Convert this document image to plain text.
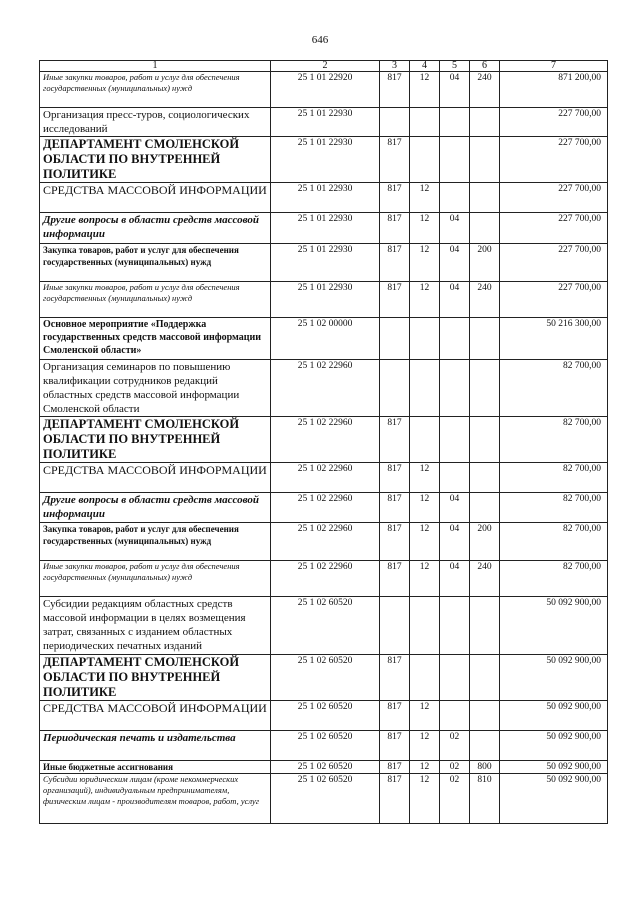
646
1	2	3	4	5	6	7
Иные закупки товаров, работ и услуг для обеспечения государственных (муниципальных) нужд	25 1 01 22920	817	12	04	240	871 200,00
Организация пресс-туров, социологических исследований	25 1 01 22930					227 700,00
ДЕПАРТАМЕНТ СМОЛЕНСКОЙ ОБЛАСТИ ПО ВНУТРЕННЕЙ ПОЛИТИКЕ	25 1 01 22930	817				227 700,00
СРЕДСТВА МАССОВОЙ ИНФОРМАЦИИ	25 1 01 22930	817	12			227 700,00
Другие вопросы в области средств массовой информации	25 1 01 22930	817	12	04		227 700,00
Закупка товаров, работ и услуг для обеспечения государственных (муниципальных) нужд	25 1 01 22930	817	12	04	200	227 700,00
Иные закупки товаров, работ и услуг для обеспечения государственных (муниципальных) нужд	25 1 01 22930	817	12	04	240	227 700,00
Основное мероприятие «Поддержка государственных средств массовой информации Смоленской области»	25 1 02 00000					50 216 300,00
Организация семинаров по повышению квалификации сотрудников редакций областных средств массовой информации Смоленской области	25 1 02 22960					82 700,00
ДЕПАРТАМЕНТ СМОЛЕНСКОЙ ОБЛАСТИ ПО ВНУТРЕННЕЙ ПОЛИТИКЕ	25 1 02 22960	817				82 700,00
СРЕДСТВА МАССОВОЙ ИНФОРМАЦИИ	25 1 02 22960	817	12			82 700,00
Другие вопросы в области средств массовой информации	25 1 02 22960	817	12	04		82 700,00
Закупка товаров, работ и услуг для обеспечения государственных (муниципальных) нужд	25 1 02 22960	817	12	04	200	82 700,00
Иные закупки товаров, работ и услуг для обеспечения государственных (муниципальных) нужд	25 1 02 22960	817	12	04	240	82 700,00
Субсидии редакциям областных средств массовой информации в целях возмещения затрат, связанных с изданием областных периодических печатных изданий	25 1 02 60520					50 092 900,00
ДЕПАРТАМЕНТ СМОЛЕНСКОЙ ОБЛАСТИ ПО ВНУТРЕННЕЙ ПОЛИТИКЕ	25 1 02 60520	817				50 092 900,00
СРЕДСТВА МАССОВОЙ ИНФОРМАЦИИ	25 1 02 60520	817	12			50 092 900,00
Периодическая печать и издательства	25 1 02 60520	817	12	02		50 092 900,00
Иные бюджетные ассигнования	25 1 02 60520	817	12	02	800	50 092 900,00
Субсидии юридическим лицам (кроме некоммерческих организаций), индивидуальным предпринимателям, физическим лицам - производителям товаров, работ, услуг	25 1 02 60520	817	12	02	810	50 092 900,00
